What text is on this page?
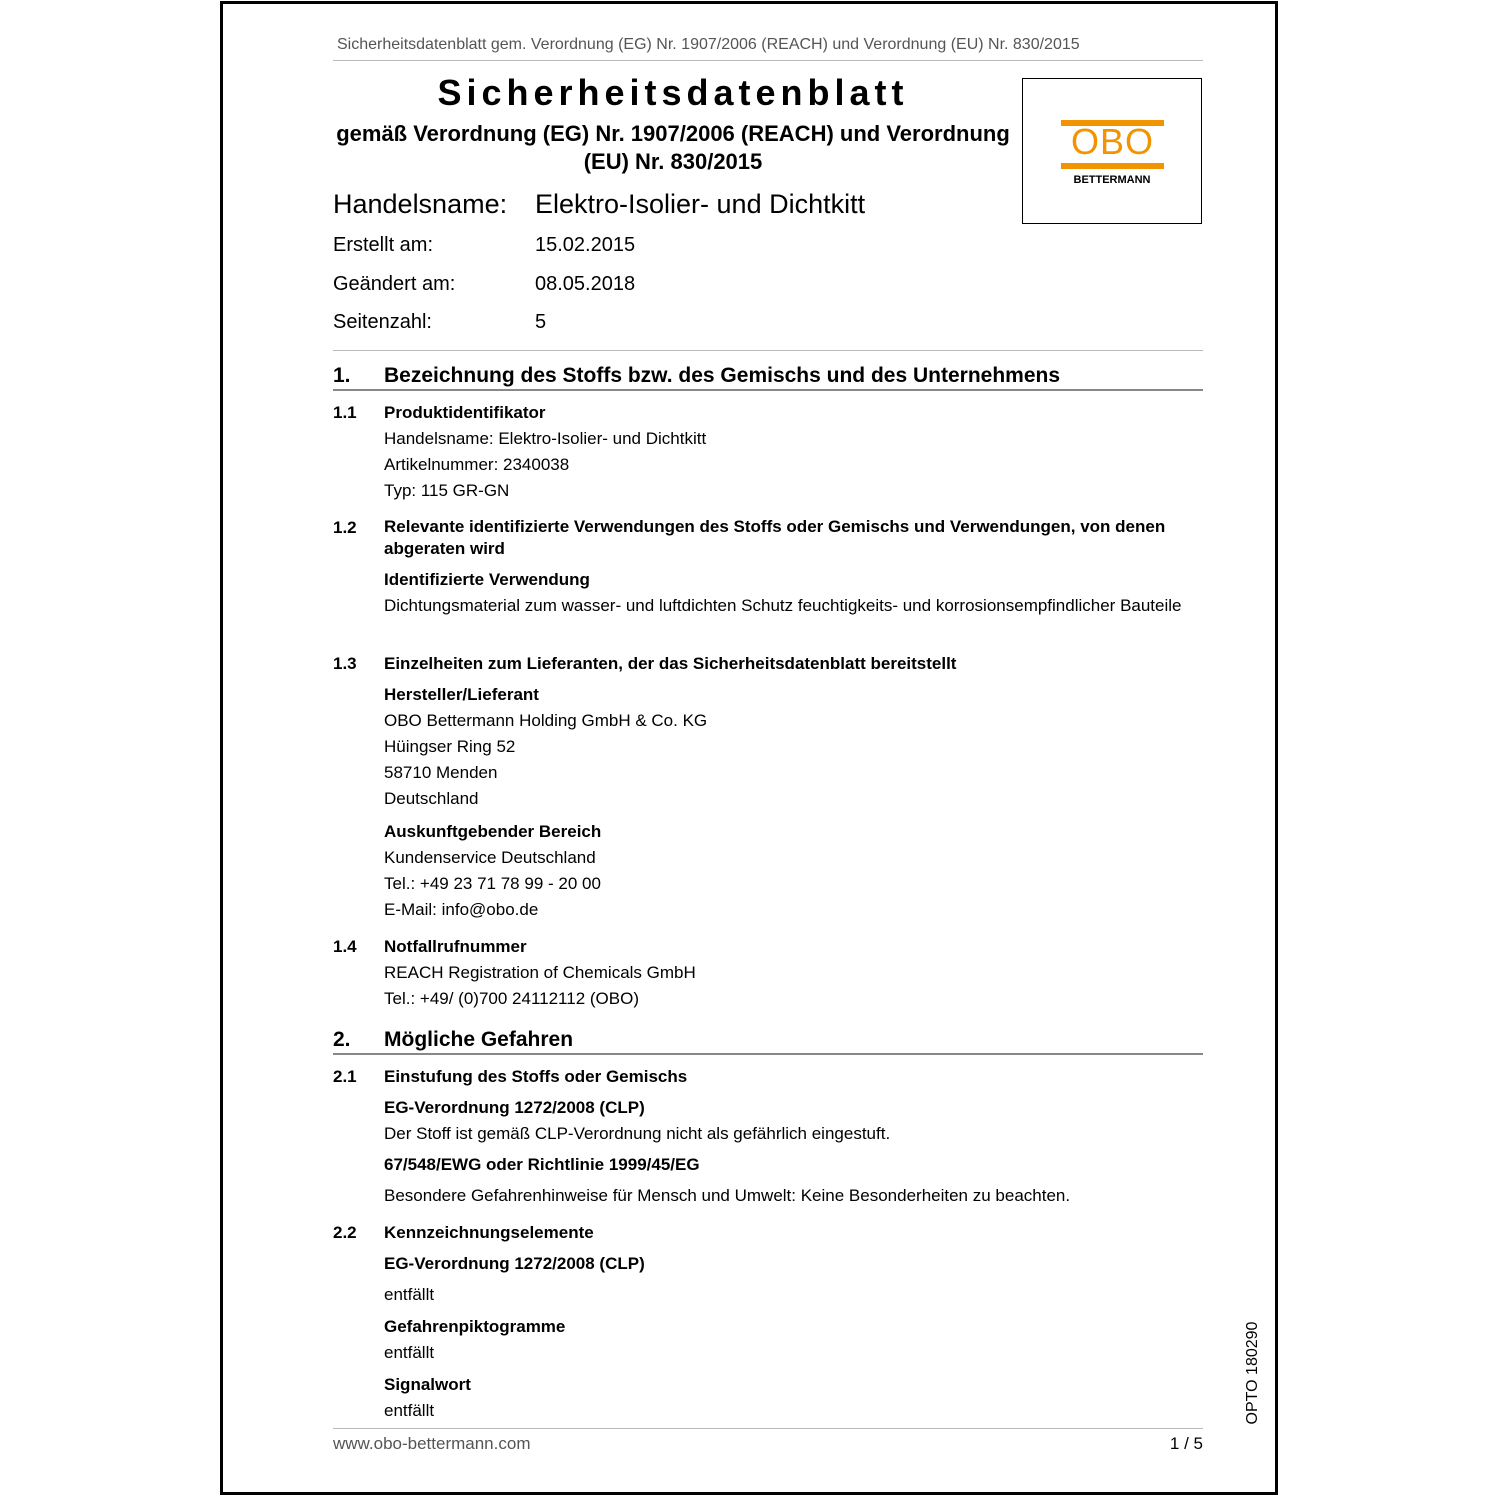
Sicherheitsdatenblatt gem. Verordnung (EG) Nr. 1907/2006 (REACH) und Verordnung (EU) Nr. 830/2015
Sicherheitsdatenblatt
gemäß Verordnung (EG) Nr. 1907/2006 (REACH) und Verordnung (EU) Nr. 830/2015	OBO
BETTERMANN
Handelsname: Elektro-Isolier- und Dichtkitt
Erstellt am:	15.02.2015
Geändert am:	08.05.2018
Seitenzahl:	5
1. Bezeichnung des Stoffs bzw. des Gemischs und des Unternehmens
1.1 Produktidentifikator
Handelsname: Elektro-Isolier- und Dichtkitt
Artikelnummer: 2340038
Typ: 115 GR-GN
1.2 Relevante identifizierte Verwendungen des Stoffs oder Gemischs und Verwendungen, von denen abgeraten wird
Identifizierte Verwendung
Dichtungsmaterial zum wasser- und luftdichten Schutz feuchtigkeits- und korrosionsempfindlicher Bauteile
1.3 Einzelheiten zum Lieferanten, der das Sicherheitsdatenblatt bereitstellt
Hersteller/Lieferant
OBO Bettermann Holding GmbH & Co. KG
Hüingser Ring 52
58710 Menden
Deutschland
Auskunftgebender Bereich
Kundenservice Deutschland
Tel.: +49 23 71 78 99 - 20 00
E-Mail: info@obo.de
1.4 Notfallrufnummer
REACH Registration of Chemicals GmbH
Tel.: +49/ (0)700 24112112 (OBO)
2. Mögliche Gefahren
2.1 Einstufung des Stoffs oder Gemischs
EG-Verordnung 1272/2008 (CLP)
Der Stoff ist gemäß CLP-Verordnung nicht als gefährlich eingestuft.
67/548/EWG oder Richtlinie 1999/45/EG
Besondere Gefahrenhinweise für Mensch und Umwelt: Keine Besonderheiten zu beachten.
2.2 Kennzeichnungselemente
EG-Verordnung 1272/2008 (CLP)
entfällt
Gefahrenpiktogramme
entfällt
Signalwort
entfällt
www.obo-bettermann.com	1 / 5
OPTO 180290
